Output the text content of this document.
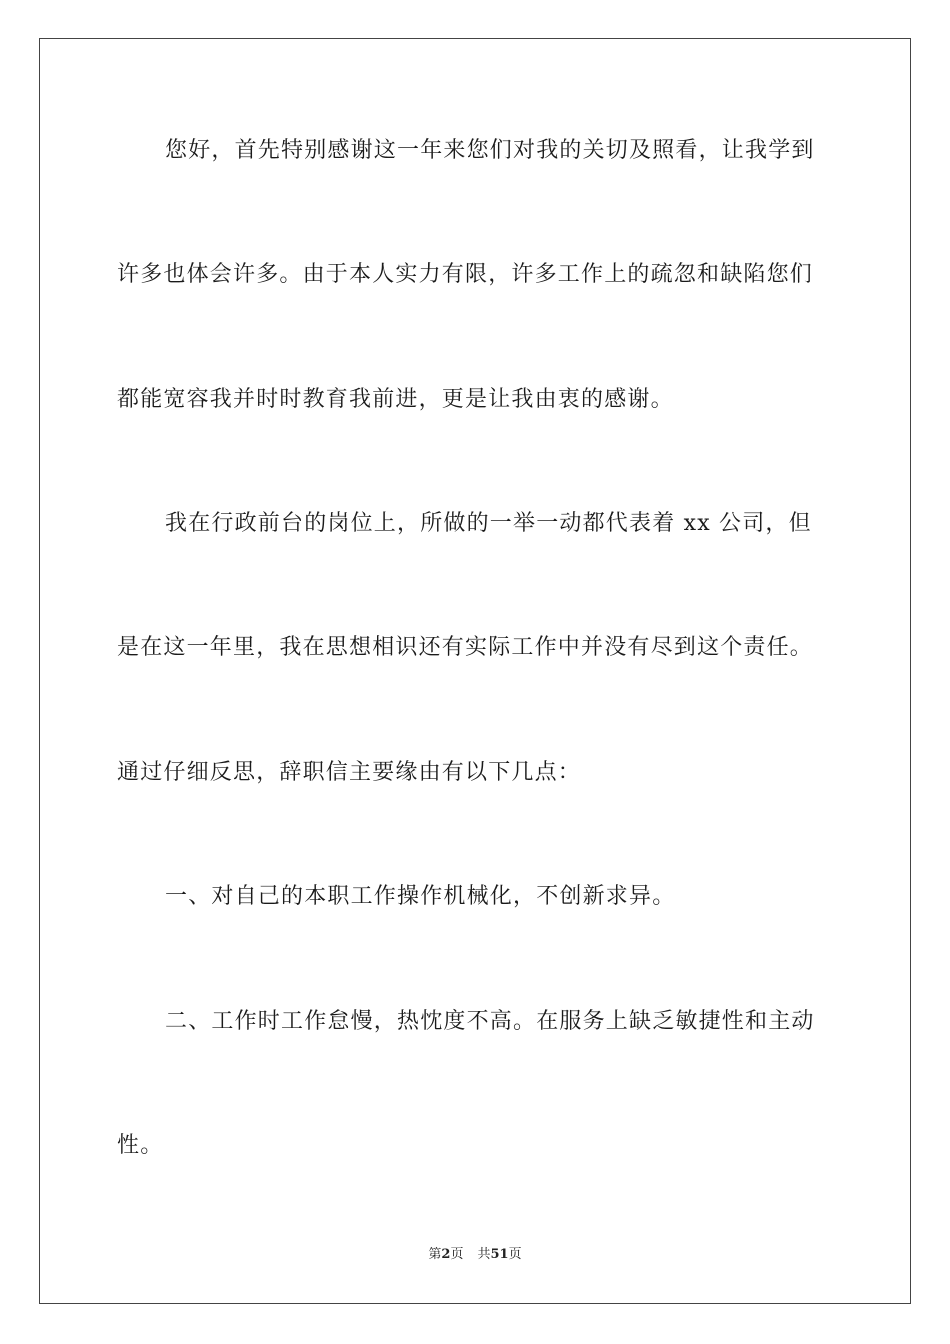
您好，首先特别感谢这一年来您们对我的关切及照看，让我学到
许多也体会许多。由于本人实力有限，许多工作上的疏忽和缺陷您们
都能宽容我并时时教育我前进，更是让我由衷的感谢。
我在行政前台的岗位上，所做的一举一动都代表着 xx 公司，但
是在这一年里，我在思想相识还有实际工作中并没有尽到这个责任。
通过仔细反思，辞职信主要缘由有以下几点：
一、对自己的本职工作操作机械化，不创新求异。
二、工作时工作怠慢，热忱度不高。在服务上缺乏敏捷性和主动
性。
第2页 共51页
